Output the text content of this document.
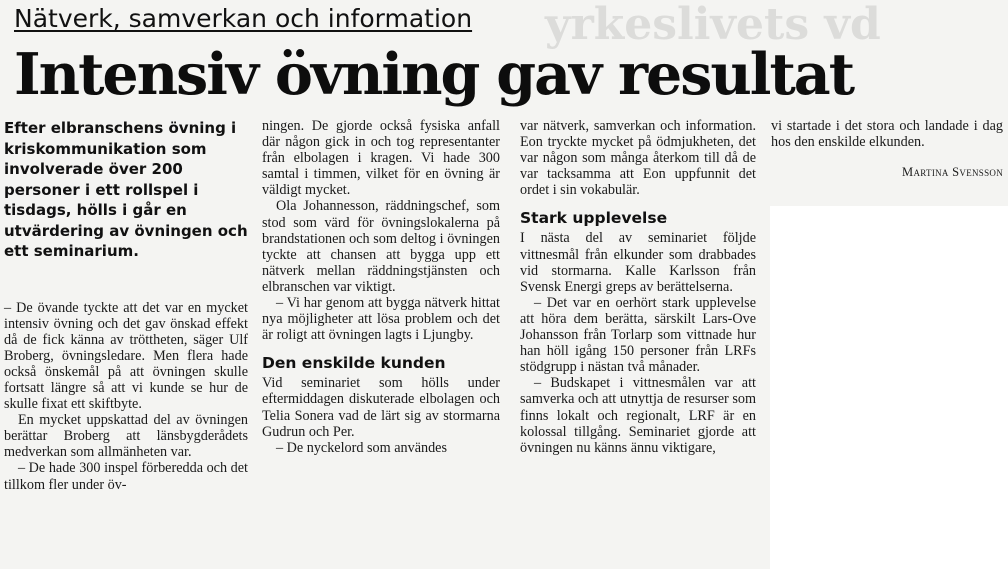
yrkeslivets vd
Nätverk, samverkan och information
Intensiv övning gav resultat

Efter elbranschens övning i kriskommunikation som involverade över 200 personer i ett rollspel i tisdags, hölls i går en utvärdering av övningen och ett seminarium.

– De övande tyckte att det var en mycket intensiv övning och det gav önskad effekt då de fick känna av tröttheten, säger Ulf Broberg, övningsledare. Men flera hade också önskemål på att övningen skulle fortsatt längre så att vi kunde se hur de skulle fixat ett skiftbyte.

En mycket uppskattad del av övningen berättar Broberg att länsbygderådets medverkan som allmänheten var.

– De hade 300 inspel förberedda och det tillkom fler under öv-

ningen. De gjorde också fysiska anfall där någon gick in och tog representanter från elbolagen i kragen. Vi hade 300 samtal i timmen, vilket för en övning är väldigt mycket.

Ola Johannesson, räddningschef, som stod som värd för övningslokalerna på brandstationen och som deltog i övningen tyckte att chansen att bygga upp ett nätverk mellan räddningstjänsten och elbranschen var viktigt.

– Vi har genom att bygga nätverk hittat nya möjligheter att lösa problem och det är roligt att övningen lagts i Ljungby.

Den enskilde kunden

Vid seminariet som hölls under eftermiddagen diskuterade elbolagen och Telia Sonera vad de lärt sig av stormarna Gudrun och Per.

– De nyckelord som användes

var nätverk, samverkan och information. Eon tryckte mycket på ödmjukheten, det var någon som många återkom till då de var tacksamma att Eon uppfunnit det ordet i sin vokabulär.

Stark upplevelse

I nästa del av seminariet följde vittnesmål från elkunder som drabbades vid stormarna. Kalle Karlsson från Svensk Energi greps av berättelserna.

– Det var en oerhört stark upplevelse att höra dem berätta, särskilt Lars-Ove Johansson från Torlarp som vittnade hur han höll igång 150 personer från LRFs stödgrupp i nästan två månader.

– Budskapet i vittnesmålen var att samverka och att utnyttja de resurser som finns lokalt och regionalt, LRF är en kolossal tillgång. Seminariet gjorde att övningen nu känns ännu viktigare,

vi startade i det stora och landade i dag hos den enskilde elkunden.

Martina Svensson
